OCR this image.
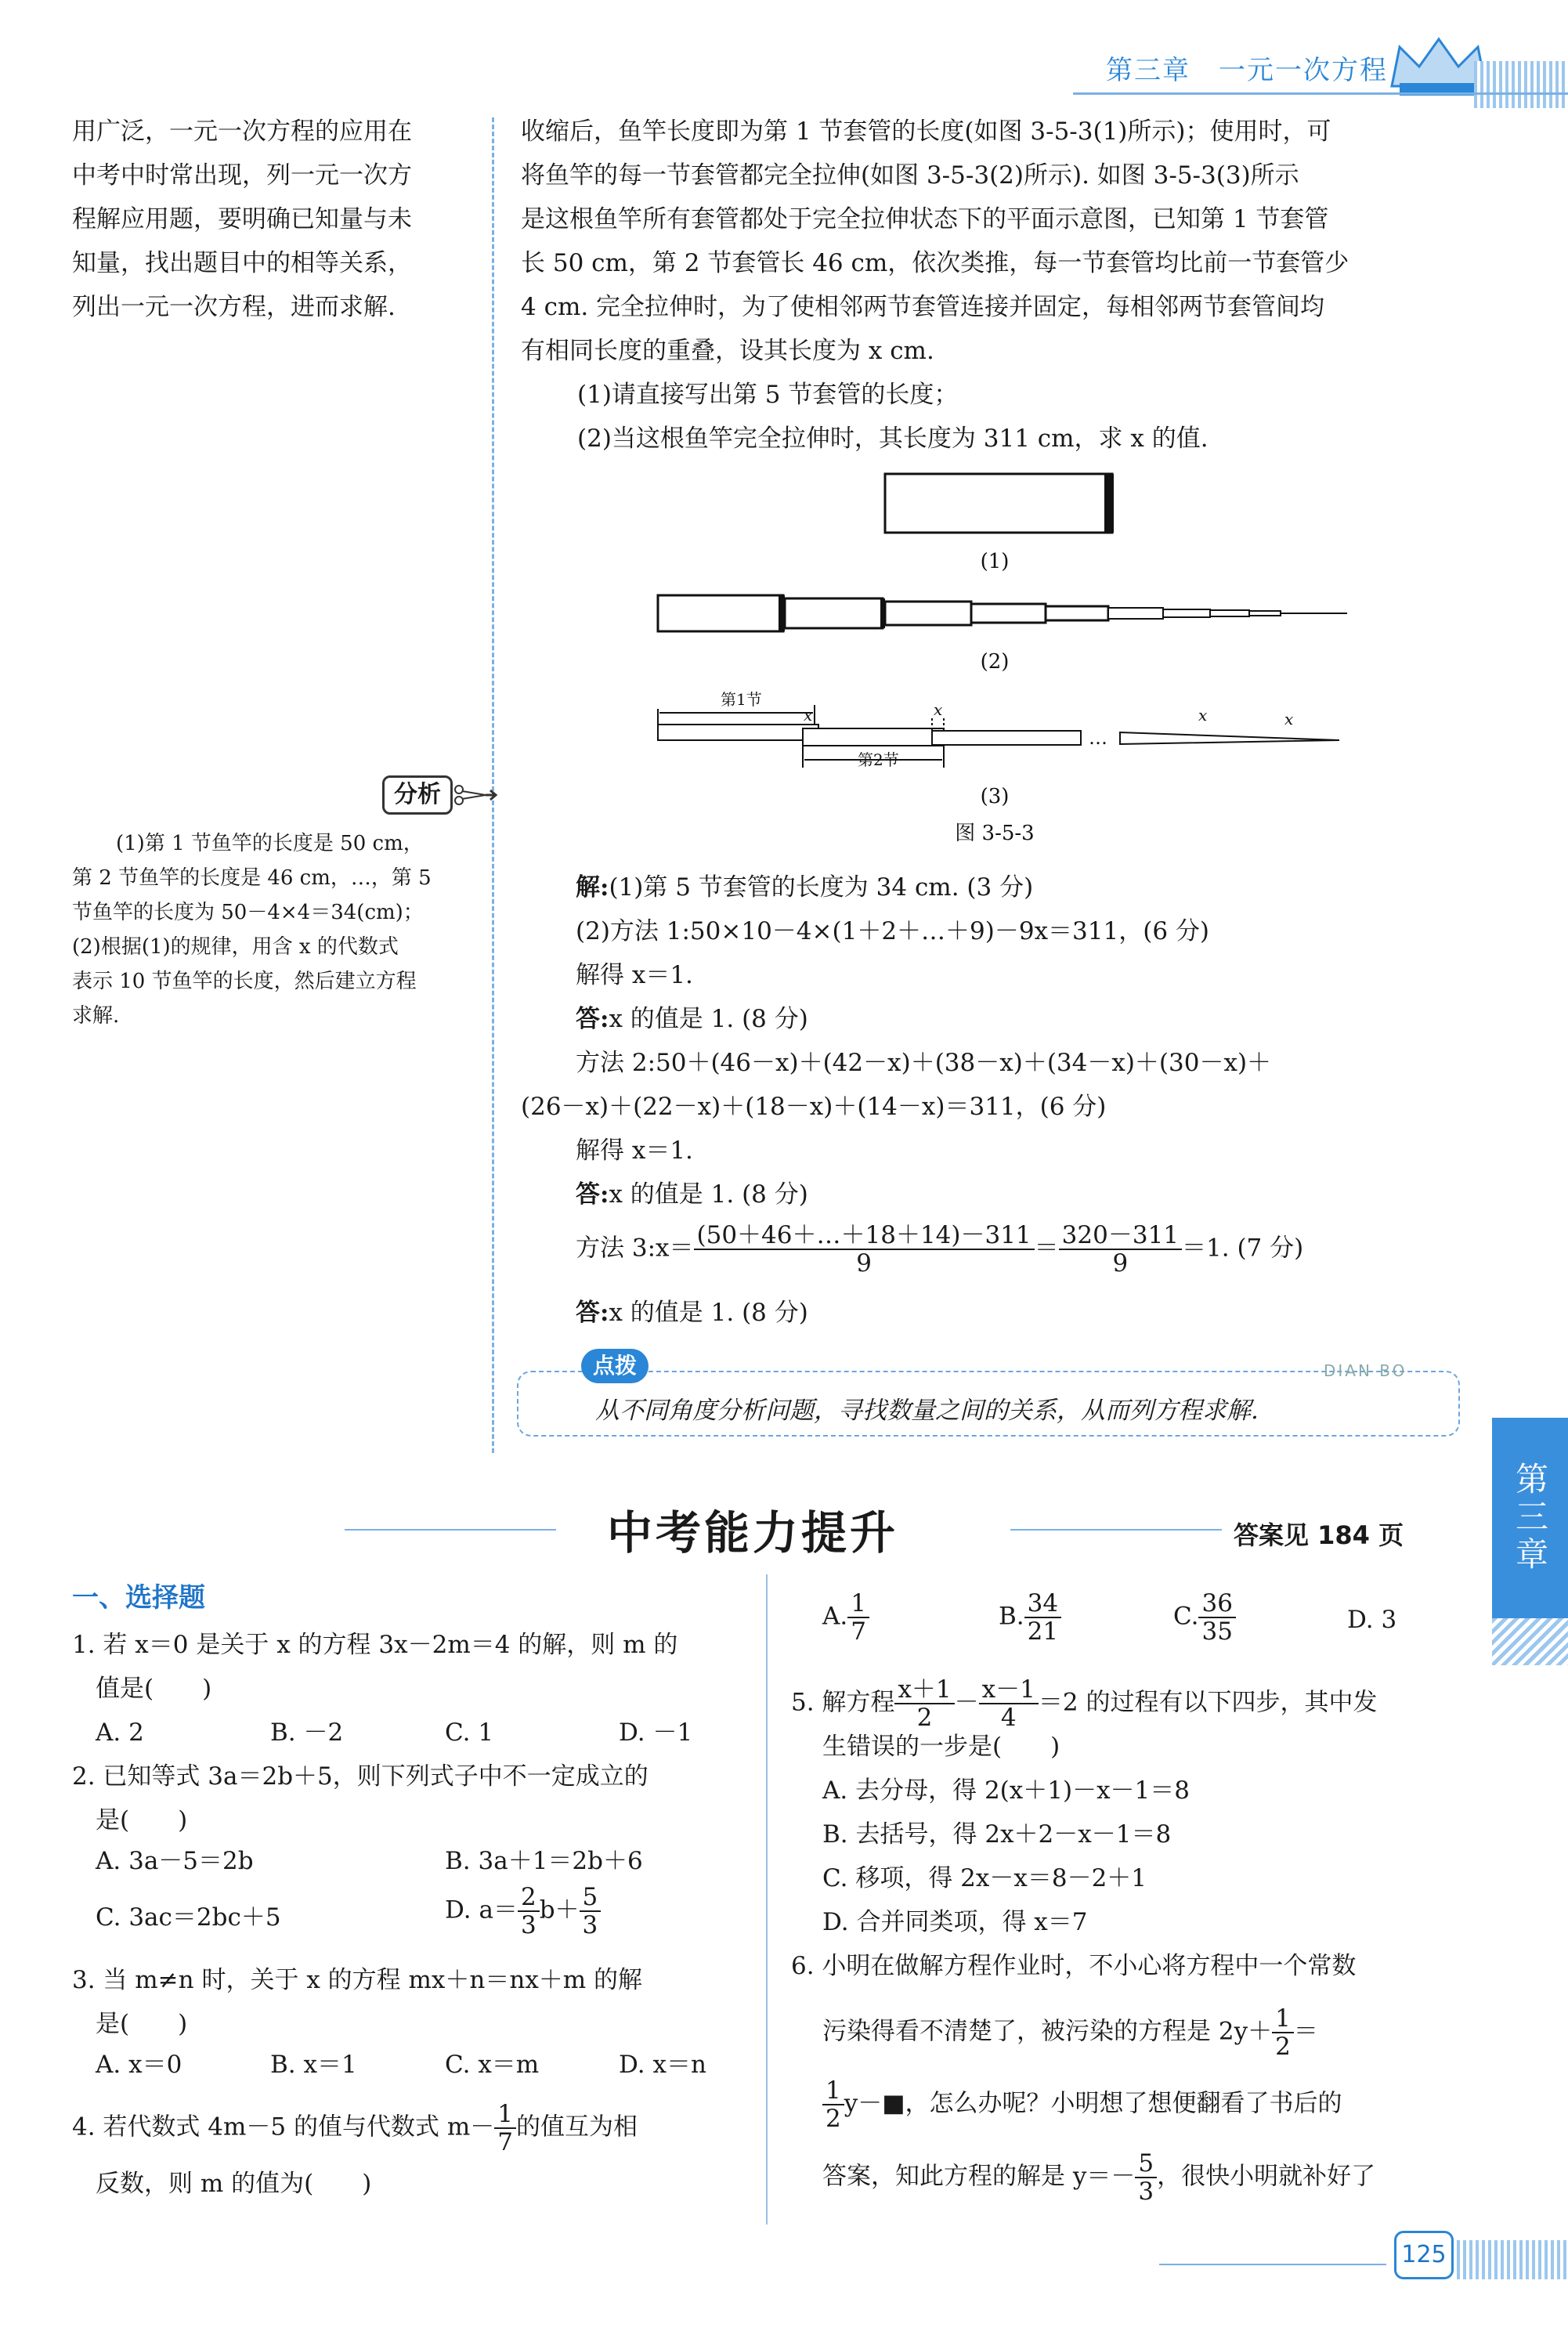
第三章　一元一次方程
用广泛，一元一次方程的应用在
中考中时常出现，列一元一次方
程解应用题，要明确已知量与未
知量，找出题目中的相等关系，
列出一元一次方程，进而求解.
分析
(1)第 1 节鱼竿的长度是 50 cm，
第 2 节鱼竿的长度是 46 cm，…，第 5
节鱼竿的长度为 50－4×4＝34(cm)；
(2)根据(1)的规律，用含 x 的代数式
表示 10 节鱼竿的长度，然后建立方程
求解.
收缩后，鱼竿长度即为第 1 节套管的长度(如图 3-5-3(1)所示)；使用时，可
将鱼竿的每一节套管都完全拉伸(如图 3-5-3(2)所示). 如图 3-5-3(3)所示
是这根鱼竿所有套管都处于完全拉伸状态下的平面示意图，已知第 1 节套管
长 50 cm，第 2 节套管长 46 cm，依次类推，每一节套管均比前一节套管少
4 cm. 完全拉伸时，为了使相邻两节套管连接并固定，每相邻两节套管间均
有相同长度的重叠，设其长度为 x cm.
(1)请直接写出第 5 节套管的长度；
(2)当这根鱼竿完全拉伸时，其长度为 311 cm，求 x 的值.
(1)
(2)
…
第1节
x
第2节
x	x	x
(3)
图 3-5-3
解:(1)第 5 节套管的长度为 34 cm. (3 分)
(2)方法 1:50×10－4×(1＋2＋…＋9)－9x＝311，(6 分)
解得 x＝1.
答:x 的值是 1. (8 分)
方法 2:50＋(46－x)＋(42－x)＋(38－x)＋(34－x)＋(30－x)＋
(26－x)＋(22－x)＋(18－x)＋(14－x)＝311，(6 分)
解得 x＝1.
答:x 的值是 1. (8 分)
方法 3:x＝ $\frac{(50+46+\dots+18+14)-311}{9} = \frac{320-311}{9} =1$. (7 分)
答:x 的值是 1. (8 分)
点拨	DIAN BO
从不同角度分析问题，寻找数量之间的关系，从而列方程求解.
第三章
中考能力提升	答案见 184 页
一、选择题
1. 若 x＝0 是关于 x 的方程 3x－2m＝4 的解，则 m 的
值是(　　)
A. 2	B. －2	C. 1	D. －1
2. 已知等式 3a＝2b＋5，则下列式子中不一定成立的
是(　　)
A. 3a－5＝2b	B. 3a＋1＝2b＋6
C. 3ac＝2bc＋5	D. $a= \frac{2}{3} b+ \frac{5}{3}$
3. 当 m≠n 时，关于 x 的方程 mx＋n＝nx＋m 的解
是(　　)
A. x＝0	B. x＝1	C. x＝m	D. x＝n
4. 若代数式 4m－5 的值与代数式 $m- \frac{1}{7}$ 的值互为相
反数，则 m 的值为(　　)
A. $\frac{1}{7}$	B. $\frac{34}{21}$	C. $\frac{36}{35}$	D. 3
5. 解方程 $\frac{x+1}{2} - \frac{x-1}{4} =2$ 的过程有以下四步，其中发
生错误的一步是(　　)
A. 去分母，得 2(x＋1)－x－1＝8
B. 去括号，得 2x＋2－x－1＝8
C. 移项，得 2x－x＝8－2＋1
D. 合并同类项，得 x＝7
6. 小明在做解方程作业时，不小心将方程中一个常数
污染得看不清楚了，被污染的方程是 $2y+ \frac{1}{2}$ ＝
$\frac{1}{2}$ y－■，怎么办呢？小明想了想便翻看了书后的
答案，知此方程的解是 $y=- \frac{5}{3}$ ，很快小明就补好了
125
